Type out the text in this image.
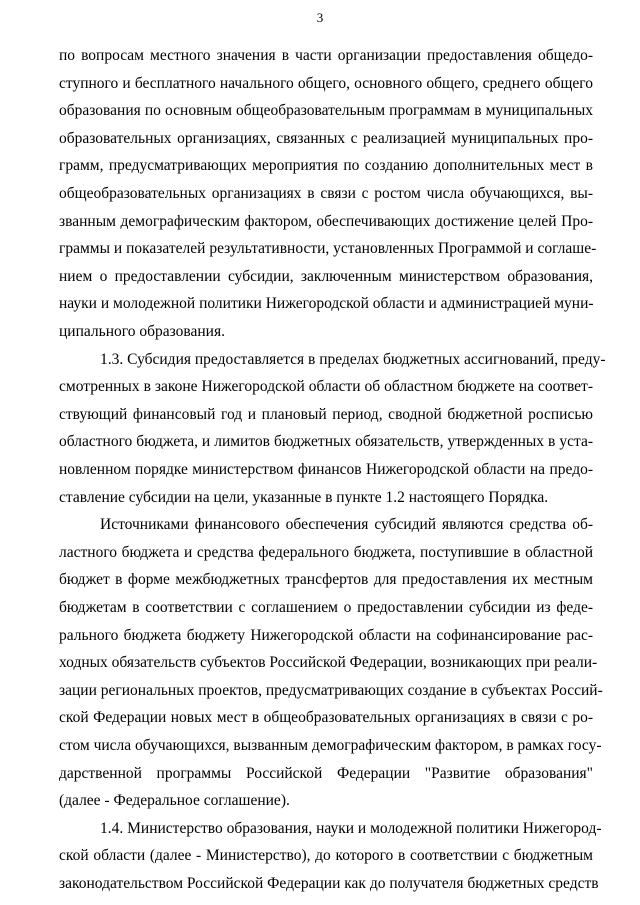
3
по вопросам местного значения в части организации предоставления общедо-
ступного и бесплатного начального общего, основного общего, среднего общего
образования по основным общеобразовательным программам в муниципальных
образовательных организациях, связанных с реализацией муниципальных про-
грамм, предусматривающих мероприятия по созданию дополнительных мест в
общеобразовательных организациях в связи с ростом числа обучающихся, вы-
званным демографическим фактором, обеспечивающих достижение целей Про-
граммы и показателей результативности, установленных Программой и соглаше-
нием о предоставлении субсидии, заключенным министерством образования,
науки и молодежной политики Нижегородской области и администрацией муни-
ципального образования.
1.3. Субсидия предоставляется в пределах бюджетных ассигнований, преду-
смотренных в законе Нижегородской области об областном бюджете на соответ-
ствующий финансовый год и плановый период, сводной бюджетной росписью
областного бюджета, и лимитов бюджетных обязательств, утвержденных в уста-
новленном порядке министерством финансов Нижегородской области на предо-
ставление субсидии на цели, указанные в пункте 1.2 настоящего Порядка.
Источниками финансового обеспечения субсидий являются средства об-
ластного бюджета и средства федерального бюджета, поступившие в областной
бюджет в форме межбюджетных трансфертов для предоставления их местным
бюджетам в соответствии с соглашением о предоставлении субсидии из феде-
рального бюджета бюджету Нижегородской области на софинансирование рас-
ходных обязательств субъектов Российской Федерации, возникающих при реали-
зации региональных проектов, предусматривающих создание в субъектах Россий-
ской Федерации новых мест в общеобразовательных организациях в связи с ро-
стом числа обучающихся, вызванным демографическим фактором, в рамках госу-
дарственной программы Российской Федерации "Развитие образования"
(далее - Федеральное соглашение).
1.4. Министерство образования, науки и молодежной политики Нижегород-
ской области (далее - Министерство), до которого в соответствии с бюджетным
законодательством Российской Федерации как до получателя бюджетных средств
